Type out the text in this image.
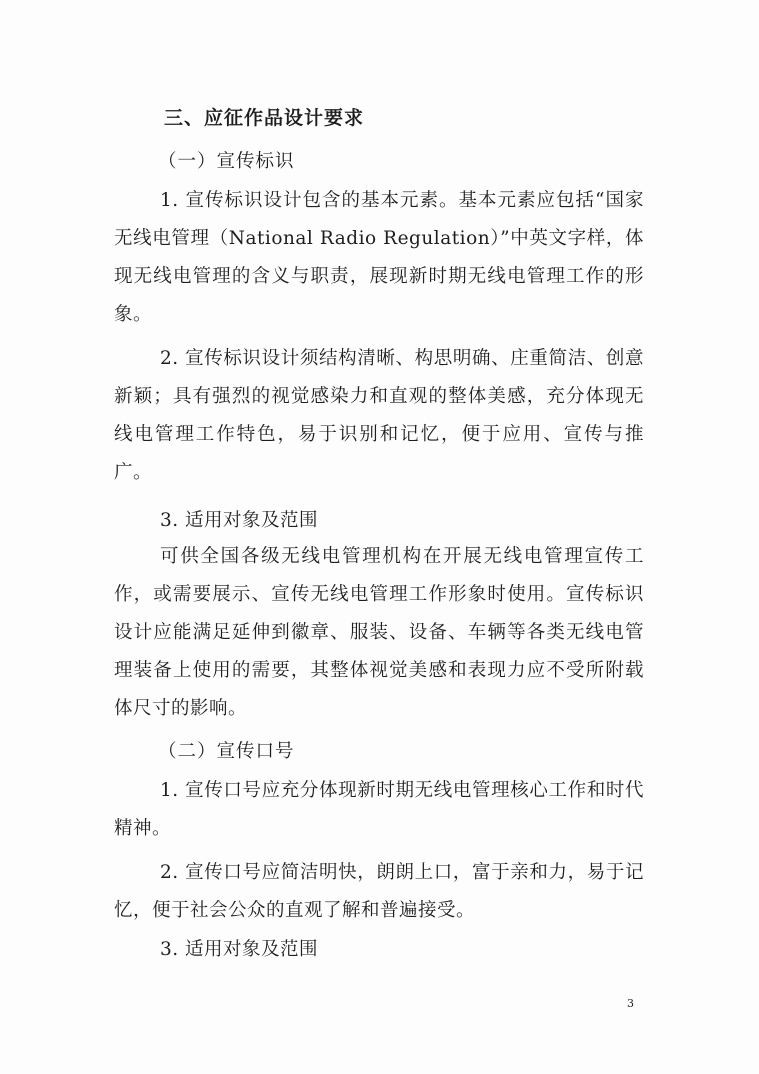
三、应征作品设计要求
（一）宣传标识
1. 宣传标识设计包含的基本元素。基本元素应包括“国家无线电管理（National Radio Regulation）”中英文字样，体现无线电管理的含义与职责，展现新时期无线电管理工作的形象。
2. 宣传标识设计须结构清晰、构思明确、庄重简洁、创意新颖；具有强烈的视觉感染力和直观的整体美感，充分体现无线电管理工作特色，易于识别和记忆，便于应用、宣传与推广。
3. 适用对象及范围
可供全国各级无线电管理机构在开展无线电管理宣传工作，或需要展示、宣传无线电管理工作形象时使用。宣传标识设计应能满足延伸到徽章、服装、设备、车辆等各类无线电管理装备上使用的需要，其整体视觉美感和表现力应不受所附载体尺寸的影响。
（二）宣传口号
1. 宣传口号应充分体现新时期无线电管理核心工作和时代精神。
2. 宣传口号应简洁明快，朗朗上口，富于亲和力，易于记忆，便于社会公众的直观了解和普遍接受。
3. 适用对象及范围
3
